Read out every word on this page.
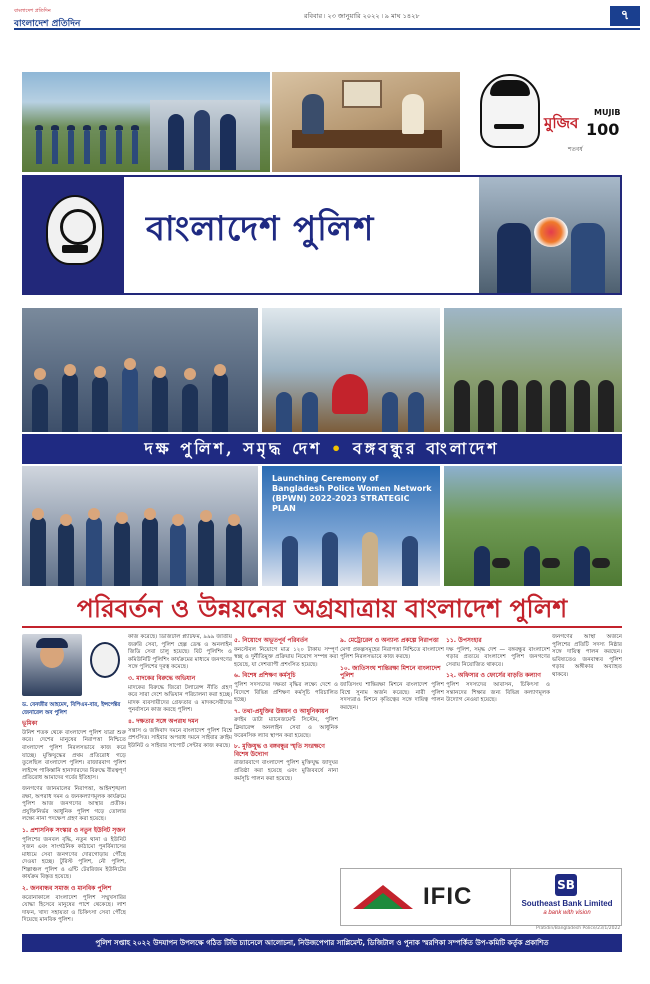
বাংলাদেশ প্রতিদিন
বাংলাদেশ প্রতিদিন
রবিবার ৷ ২৩ জানুয়ারি ২০২২ ৷ ৯ মাঘ ১৪২৮	৭
মুজিব
MUJIB
100
শতবর্ষ
বাংলাদেশ পুলিশ
দক্ষ পুলিশ, সমৃদ্ধ দেশ • বঙ্গবন্ধুর বাংলাদেশ
Launching Ceremony of Bangladesh Police Women Network (BPWN) 2022-2023 STRATEGIC PLAN
পরিবর্তন ও উন্নয়নের অগ্রযাত্রায় বাংলাদেশ পুলিশ
ড. বেনজীর আহমেদ, বিপিএম-বার, ইন্সপেক্টর জেনারেল অব পুলিশ
ভূমিকা

উনিশ শতক থেকে বাংলাদেশ পুলিশ যাত্রা শুরু করে। দেশের মানুষের নিরাপত্তা নিশ্চিতে বাংলাদেশ পুলিশ নিরলসভাবে কাজ করে যাচ্ছে। মুক্তিযুদ্ধের প্রথম প্রতিরোধ গড়ে তুলেছিল বাংলাদেশ পুলিশ। রাজারবাগ পুলিশ লাইন্সে পাকিস্তানি হানাদারদের বিরুদ্ধে বীরত্বপূর্ণ প্রতিরোধ আমাদের গর্বের ইতিহাস।

জনগণের জানমালের নিরাপত্তা, আইনশৃঙ্খলা রক্ষা, অপরাধ দমন ও জনকল্যাণমূলক কার্যক্রমে পুলিশ আজ জনগণের আস্থার প্রতীক। প্রযুক্তিনির্ভর আধুনিক পুলিশ গড়ে তোলার লক্ষ্যে নানা পদক্ষেপ গ্রহণ করা হয়েছে।

১. প্রশাসনিক সংস্কার ও নতুন ইউনিট সৃজন

পুলিশের জনবল বৃদ্ধি, নতুন থানা ও ইউনিট সৃজন এবং সাংগঠনিক কাঠামো পুনর্বিন্যাসের মাধ্যমে সেবা জনগণের দোরগোড়ায় পৌঁছে দেওয়া হচ্ছে। টুরিস্ট পুলিশ, নৌ পুলিশ, শিল্পাঞ্চল পুলিশ ও এন্টি টেররিজম ইউনিটের কার্যক্রম বিস্তৃত হয়েছে।

২. জনবান্ধব সমাজ ও মানবিক পুলিশ

করোনাকালে বাংলাদেশ পুলিশ সম্মুখসারির যোদ্ধা হিসেবে মানুষের পাশে থেকেছে। লাশ দাফন, খাদ্য সহায়তা ও চিকিৎসা সেবা পৌঁছে দিয়েছে মানবিক পুলিশ।

কাজ করেছে। ডিজিটাল প্ল্যাটফর্ম, ৯৯৯ জাতীয় জরুরি সেবা, পুলিশ হেল্প ডেস্ক ও অনলাইন জিডি সেবা চালু হয়েছে। বিট পুলিশিং ও কমিউনিটি পুলিশিং কার্যক্রমের মাধ্যমে জনগণের সঙ্গে পুলিশের দূরত্ব কমেছে।

৩. মাদকের বিরুদ্ধে অভিযান

মাদকের বিরুদ্ধে জিরো টলারেন্স নীতি গ্রহণ করে সারা দেশে অভিযান পরিচালনা করা হচ্ছে। মাদক ব্যবসায়ীদের গ্রেফতার ও মাদকসেবীদের পুনর্বাসনে কাজ করছে পুলিশ।

৪. দক্ষতার সঙ্গে অপরাধ দমন

সন্ত্রাস ও জঙ্গিবাদ দমনে বাংলাদেশ পুলিশ বিশ্বে প্রশংসিত। সাইবার অপরাধ দমনে সাইবার ক্রাইম ইউনিট ও সাইবার সাপোর্ট সেন্টার কাজ করছে।

৫. নিয়োগে অভূতপূর্ব পরিবর্তন

কনস্টেবল নিয়োগে মাত্র ১২০ টাকায় সম্পূর্ণ স্বচ্ছ ও দুর্নীতিমুক্ত প্রক্রিয়ায় নিয়োগ সম্পন্ন করা হয়েছে, যা দেশব্যাপী প্রশংসিত হয়েছে।

৬. বিশেষ প্রশিক্ষণ কর্মসূচি

পুলিশ সদস্যদের দক্ষতা বৃদ্ধির লক্ষ্যে দেশে ও বিদেশে বিভিন্ন প্রশিক্ষণ কর্মসূচি পরিচালিত হচ্ছে।

৭. তথ্য-প্রযুক্তির উন্নয়ন ও আধুনিকায়ন

ক্রাইম ডাটা ম্যানেজমেন্ট সিস্টেম, পুলিশ ক্লিয়ারেন্স অনলাইন সেবা ও আধুনিক ফরেনসিক ল্যাব স্থাপন করা হয়েছে।

৮. মুক্তিযুদ্ধ ও বঙ্গবন্ধুর স্মৃতি সংরক্ষণে বিশেষ উদ্যোগ

রাজারবাগে বাংলাদেশ পুলিশ মুক্তিযুদ্ধ জাদুঘর প্রতিষ্ঠা করা হয়েছে এবং মুজিববর্ষে নানা কর্মসূচি পালন করা হয়েছে।

৯. মেট্রোরেল ও অন্যান্য প্রকল্পে নিরাপত্তা

মেগা প্রকল্পসমূহের নিরাপত্তা নিশ্চিতে বাংলাদেশ পুলিশ নিরলসভাবে কাজ করছে।

১০. জাতিসংঘ শান্তিরক্ষা মিশনে বাংলাদেশ পুলিশ

জাতিসংঘ শান্তিরক্ষা মিশনে বাংলাদেশ পুলিশ বিশ্বে সুনাম অর্জন করেছে। নারী পুলিশ সদস্যরাও মিশনে কৃতিত্বের সঙ্গে দায়িত্ব পালন করছেন।

১১. উপসংহার

দক্ষ পুলিশ, সমৃদ্ধ দেশ — বঙ্গবন্ধুর বাংলাদেশ গড়ার প্রত্যয়ে বাংলাদেশ পুলিশ জনগণের সেবায় নিয়োজিত থাকবে।

১২. অফিসার ও ফোর্সের বাড়তি কল্যাণ

পুলিশ সদস্যদের আবাসন, চিকিৎসা ও সন্তানদের শিক্ষার জন্য বিভিন্ন কল্যাণমূলক উদ্যোগ নেওয়া হয়েছে।

জনগণের আস্থা অর্জনে পুলিশের প্রতিটি সদস্য নিষ্ঠার সঙ্গে দায়িত্ব পালন করছেন। ভবিষ্যতেও জনবান্ধব পুলিশ গড়ার অঙ্গীকার অব্যাহত থাকবে।

IFIC	SB
Southeast Bank Limited
a bank with vision
Pratidin/Bangladesh Police/23/1/2022
পুলিশ সপ্তাহ ২০২২ উদযাপন উপলক্ষে গঠিত টিভি চ্যানেলে আলোচনা, নিউজপেপার সাপ্লিমেন্ট, ডিজিটাল ও পুনাক স্মরণিকা সম্পর্কিত উপ-কমিটি কর্তৃক প্রকাশিত
